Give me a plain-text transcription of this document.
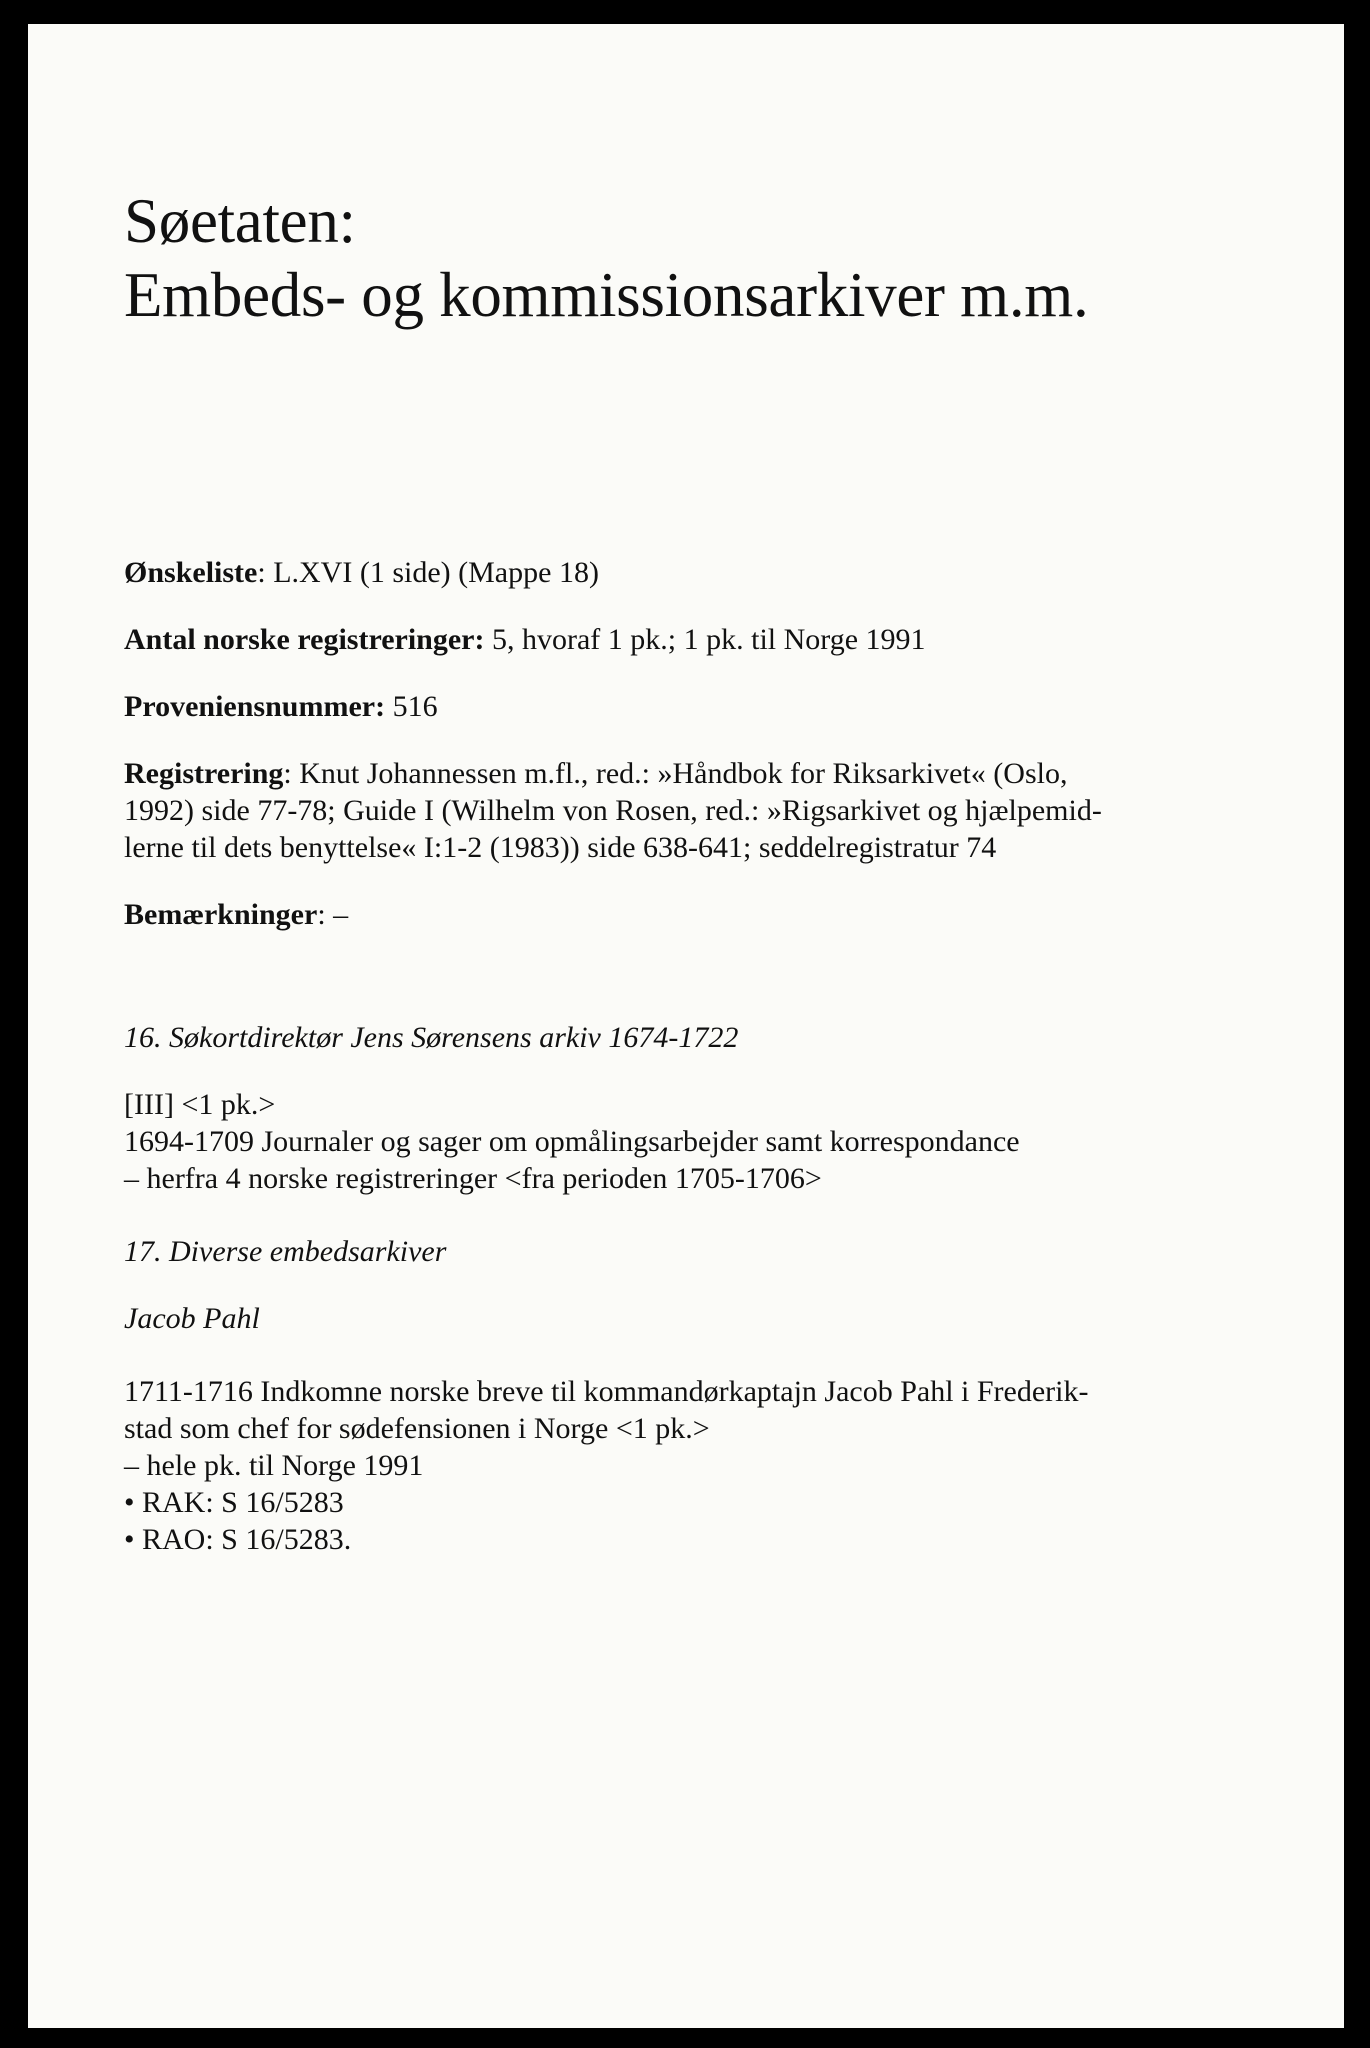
Søetaten:
Embeds- og kommissionsarkiver m.m.

Ønskeliste: L.XVI (1 side) (Mappe 18)

Antal norske registreringer: 5, hvoraf 1 pk.; 1 pk. til Norge 1991

Proveniensnummer: 516

Registrering: Knut Johannessen m.fl., red.: »Håndbok for Riksarkivet« (Oslo,
1992) side 77-78; Guide I (Wilhelm von Rosen, red.: »Rigsarkivet og hjælpemid-
lerne til dets benyttelse« I:1-2 (1983)) side 638-641; seddelregistratur 74

Bemærkninger: –

16. Søkortdirektør Jens Sørensens arkiv 1674-1722

[III] <1 pk.>
1694-1709 Journaler og sager om opmålingsarbejder samt korrespondance
– herfra 4 norske registreringer <fra perioden 1705-1706>

17. Diverse embedsarkiver

Jacob Pahl

1711-1716 Indkomne norske breve til kommandørkaptajn Jacob Pahl i Frederik-
stad som chef for sødefensionen i Norge <1 pk.>
– hele pk. til Norge 1991
• RAK: S 16/5283
• RAO: S 16/5283.
